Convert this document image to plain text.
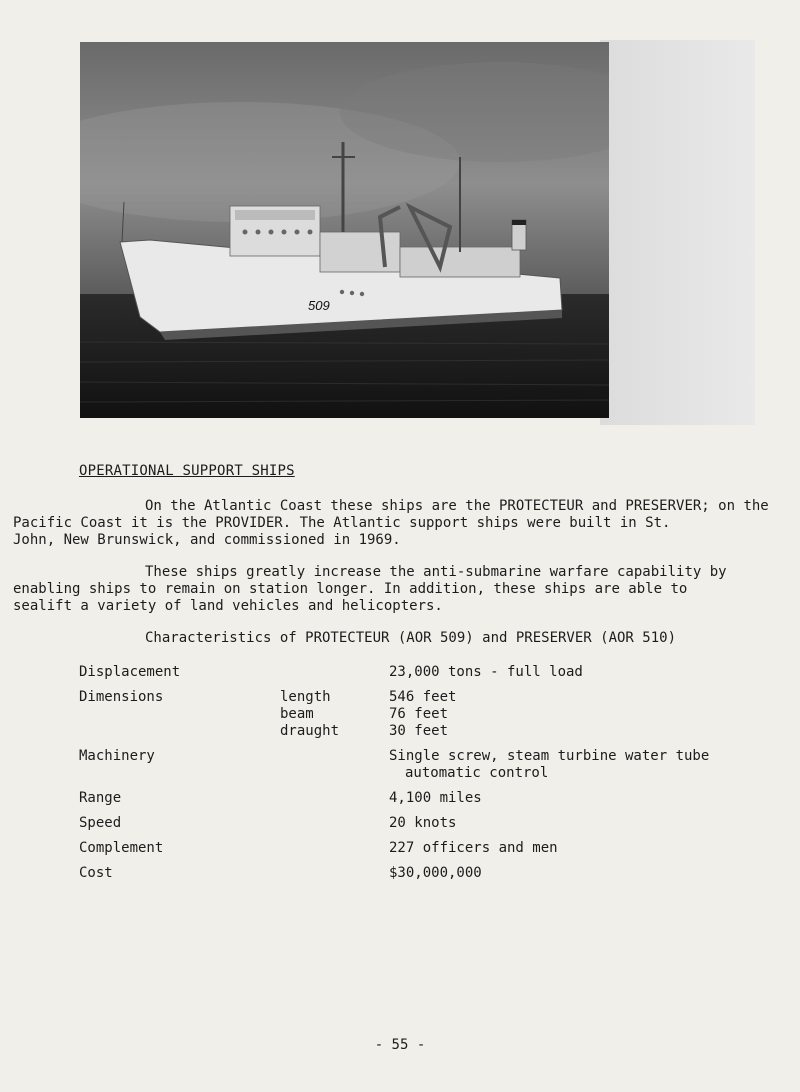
509
OPERATIONAL SUPPORT SHIPS

On the Atlantic Coast these ships are the PROTECTEUR and PRESERVER; on the
Pacific Coast it is the PROVIDER. The Atlantic support ships were built in St.
John, New Brunswick, and commissioned in 1969.

These ships greatly increase the anti-submarine warfare capability by
enabling ships to remain on station longer. In addition, these ships are able to
sealift a variety of land vehicles and helicopters.

Characteristics of PROTECTEUR (AOR 509) and PRESERVER (AOR 510)
Displacement	23,000 tons - full load
Dimensions	length	546 feet
beam	76 feet
draught	30 feet
Machinery	Single screw, steam turbine water tube
automatic control
Range	4,100 miles
Speed	20 knots
Complement	227 officers and men
Cost	$30,000,000
- 55 -
